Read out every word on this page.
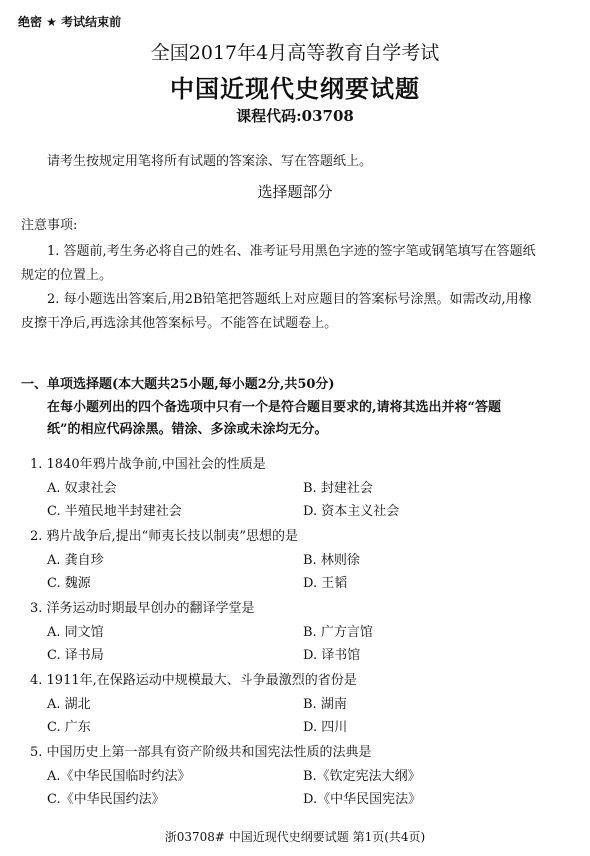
绝密 ★ 考试结束前
全国2017年4月高等教育自学考试
中国近现代史纲要试题
课程代码:03708
请考生按规定用笔将所有试题的答案涂、写在答题纸上。
选择题部分
注意事项:
1. 答题前,考生务必将自己的姓名、准考证号用黑色字迹的签字笔或钢笔填写在答题纸
规定的位置上。
2. 每小题选出答案后,用2B铅笔把答题纸上对应题目的答案标号涂黑。如需改动,用橡
皮擦干净后,再选涂其他答案标号。不能答在试题卷上。
一、单项选择题(本大题共25小题,每小题2分,共50分)
在每小题列出的四个备选项中只有一个是符合题目要求的,请将其选出并将“答题
纸”的相应代码涂黑。错涂、多涂或未涂均无分。
1. 1840年鸦片战争前,中国社会的性质是
A. 奴隶社会	B. 封建社会
C. 半殖民地半封建社会	D. 资本主义社会
2. 鸦片战争后,提出“师夷长技以制夷”思想的是
A. 龚自珍	B. 林则徐
C. 魏源	D. 王韬
3. 洋务运动时期最早创办的翻译学堂是
A. 同文馆	B. 广方言馆
C. 译书局	D. 译书馆
4. 1911年,在保路运动中规模最大、斗争最激烈的省份是
A. 湖北	B. 湖南
C. 广东	D. 四川
5. 中国历史上第一部具有资产阶级共和国宪法性质的法典是
A.《中华民国临时约法》	B.《钦定宪法大纲》
C.《中华民国约法》	D.《中华民国宪法》
浙03708# 中国近现代史纲要试题 第1页(共4页)
